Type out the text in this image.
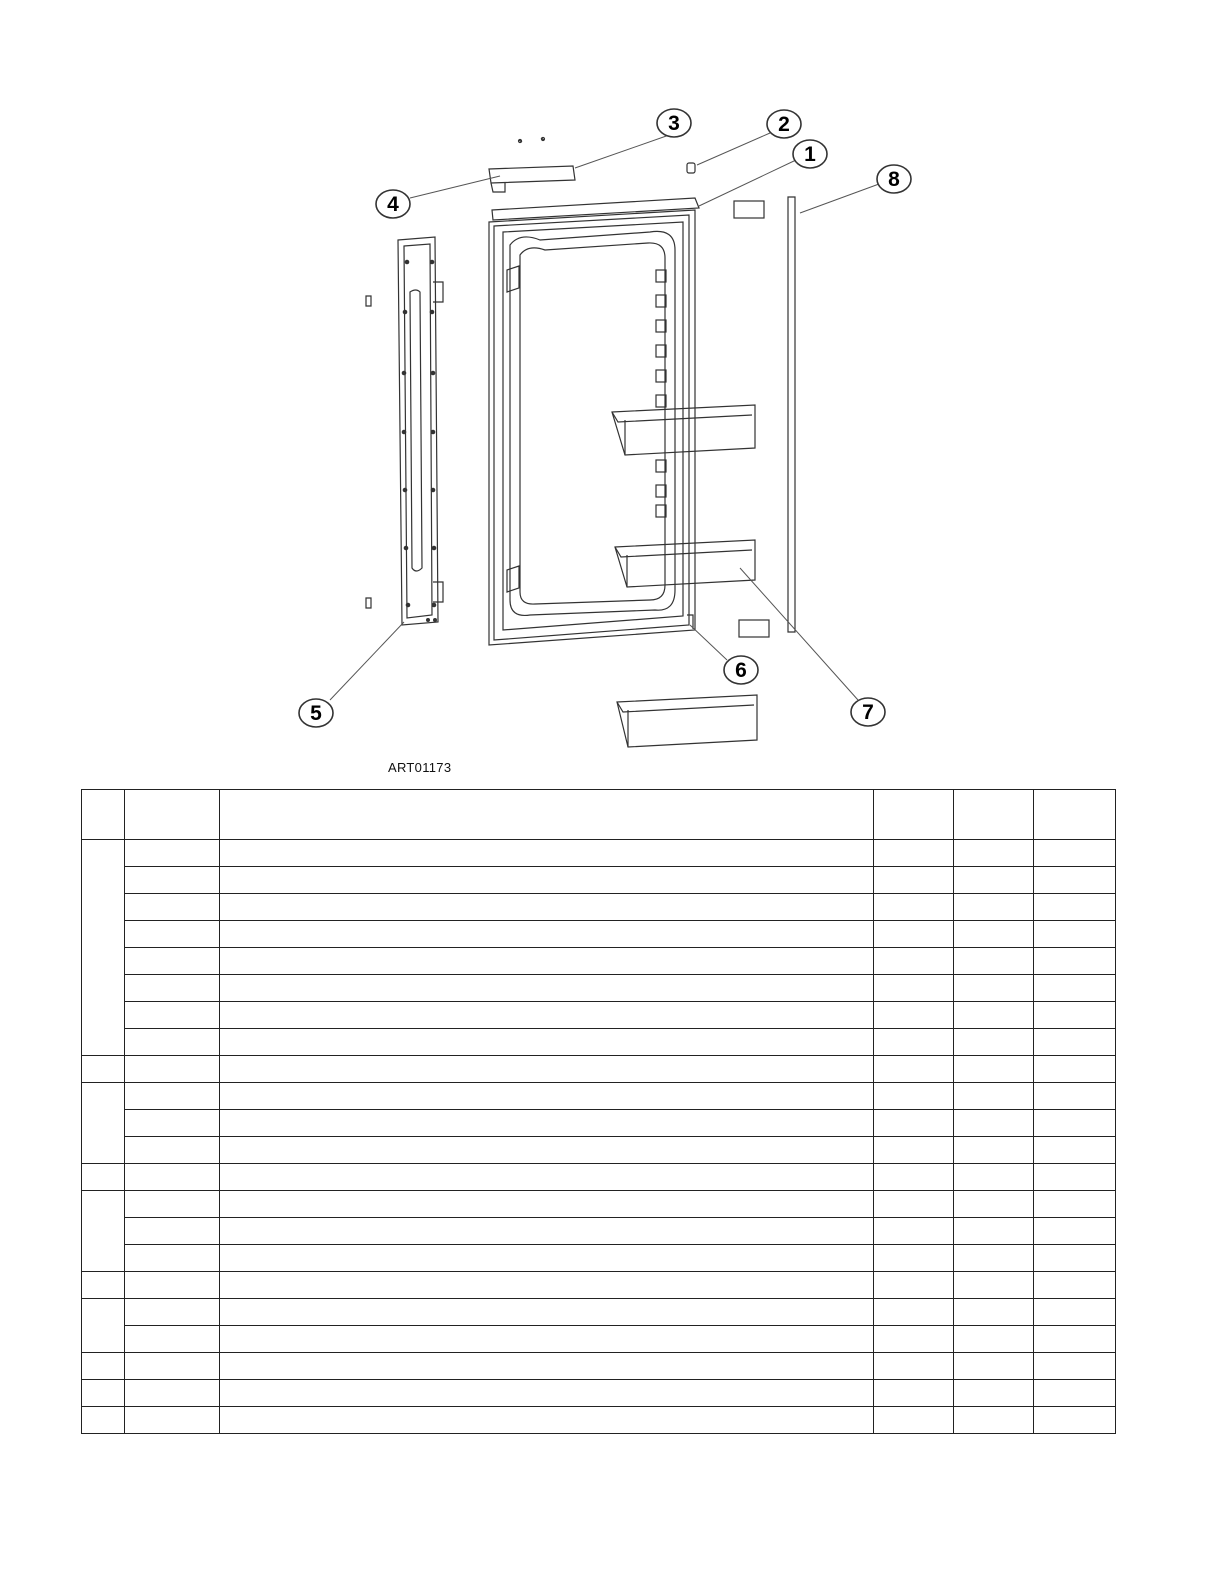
1
2
3
4
5
6
7
8
ART01173
